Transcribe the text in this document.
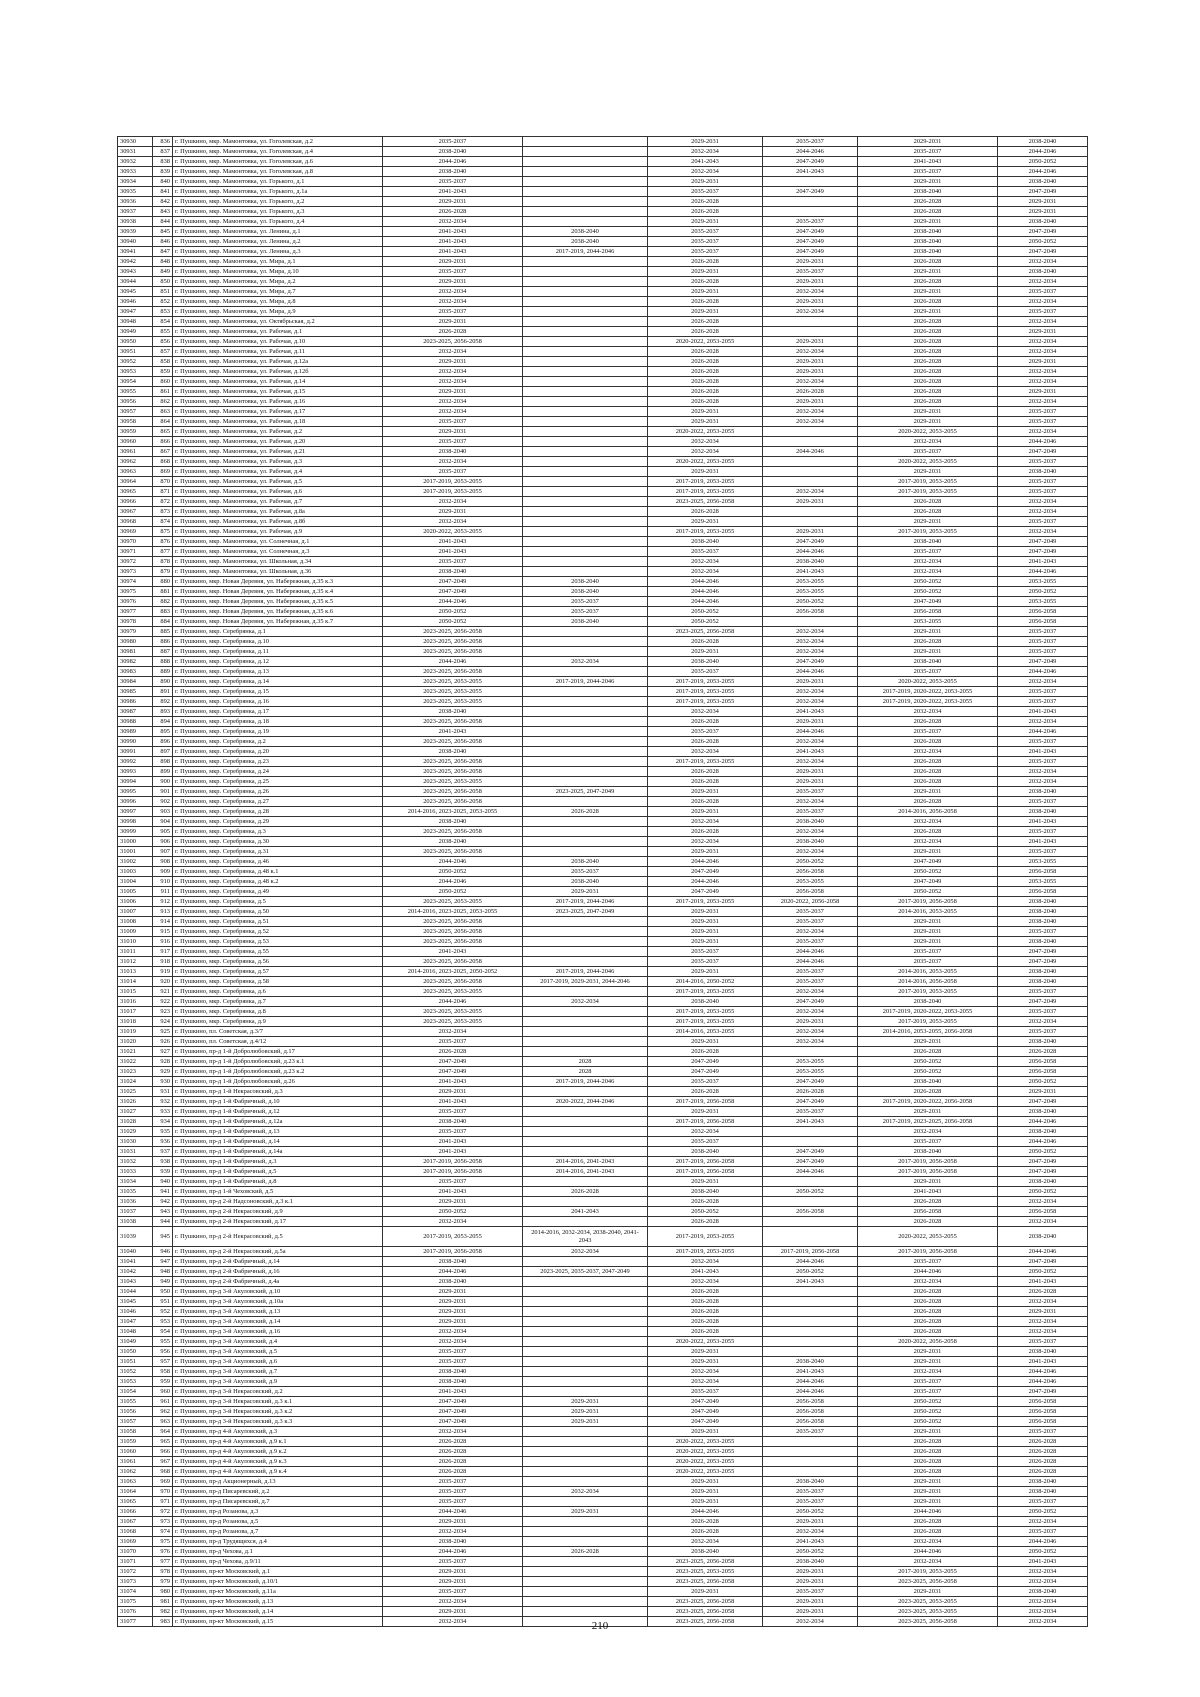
30930	836	г. Пушкино, мкр. Мамонтовка, ул. Гоголевская, д.2	2035-2037		2029-2031	2035-2037	2029-2031	2038-2040
30931	837	г. Пушкино, мкр. Мамонтовка, ул. Гоголевская, д.4	2038-2040		2032-2034	2044-2046	2035-2037	2044-2046
30932	838	г. Пушкино, мкр. Мамонтовка, ул. Гоголевская, д.6	2044-2046		2041-2043	2047-2049	2041-2043	2050-2052
30933	839	г. Пушкино, мкр. Мамонтовка, ул. Гоголевская, д.8	2038-2040		2032-2034	2041-2043	2035-2037	2044-2046
30934	840	г. Пушкино, мкр. Мамонтовка, ул. Горького, д.1	2035-2037		2029-2031		2029-2031	2038-2040
30935	841	г. Пушкино, мкр. Мамонтовка, ул. Горького, д.1а	2041-2043		2035-2037	2047-2049	2038-2040	2047-2049
30936	842	г. Пушкино, мкр. Мамонтовка, ул. Горького, д.2	2029-2031		2026-2028		2026-2028	2029-2031
30937	843	г. Пушкино, мкр. Мамонтовка, ул. Горького, д.3	2026-2028		2026-2028		2026-2028	2029-2031
30938	844	г. Пушкино, мкр. Мамонтовка, ул. Горького, д.4	2032-2034		2029-2031	2035-2037	2029-2031	2038-2040
30939	845	г. Пушкино, мкр. Мамонтовка, ул. Ленина, д.1	2041-2043	2038-2040	2035-2037	2047-2049	2038-2040	2047-2049
30940	846	г. Пушкино, мкр. Мамонтовка, ул. Ленина, д.2	2041-2043	2038-2040	2035-2037	2047-2049	2038-2040	2050-2052
30941	847	г. Пушкино, мкр. Мамонтовка, ул. Ленина, д.3	2041-2043	2017-2019, 2044-2046	2035-2037	2047-2049	2038-2040	2047-2049
30942	848	г. Пушкино, мкр. Мамонтовка, ул. Мира, д.1	2029-2031		2026-2028	2029-2031	2026-2028	2032-2034
30943	849	г. Пушкино, мкр. Мамонтовка, ул. Мира, д.10	2035-2037		2029-2031	2035-2037	2029-2031	2038-2040
30944	850	г. Пушкино, мкр. Мамонтовка, ул. Мира, д.2	2029-2031		2026-2028	2029-2031	2026-2028	2032-2034
30945	851	г. Пушкино, мкр. Мамонтовка, ул. Мира, д.7	2032-2034		2029-2031	2032-2034	2029-2031	2035-2037
30946	852	г. Пушкино, мкр. Мамонтовка, ул. Мира, д.8	2032-2034		2026-2028	2029-2031	2026-2028	2032-2034
30947	853	г. Пушкино, мкр. Мамонтовка, ул. Мира, д.9	2035-2037		2029-2031	2032-2034	2029-2031	2035-2037
30948	854	г. Пушкино, мкр. Мамонтовка, ул. Октябрьская, д.2	2029-2031		2026-2028		2026-2028	2032-2034
30949	855	г. Пушкино, мкр. Мамонтовка, ул. Рабочая, д.1	2026-2028		2026-2028		2026-2028	2029-2031
30950	856	г. Пушкино, мкр. Мамонтовка, ул. Рабочая, д.10	2023-2025, 2056-2058		2020-2022, 2053-2055	2029-2031	2026-2028	2032-2034
30951	857	г. Пушкино, мкр. Мамонтовка, ул. Рабочая, д.11	2032-2034		2026-2028	2032-2034	2026-2028	2032-2034
30952	858	г. Пушкино, мкр. Мамонтовка, ул. Рабочая, д.12а	2029-2031		2026-2028	2029-2031	2026-2028	2029-2031
30953	859	г. Пушкино, мкр. Мамонтовка, ул. Рабочая, д.12б	2032-2034		2026-2028	2029-2031	2026-2028	2032-2034
30954	860	г. Пушкино, мкр. Мамонтовка, ул. Рабочая, д.14	2032-2034		2026-2028	2032-2034	2026-2028	2032-2034
30955	861	г. Пушкино, мкр. Мамонтовка, ул. Рабочая, д.15	2029-2031		2026-2028	2026-2028	2026-2028	2029-2031
30956	862	г. Пушкино, мкр. Мамонтовка, ул. Рабочая, д.16	2032-2034		2026-2028	2029-2031	2026-2028	2032-2034
30957	863	г. Пушкино, мкр. Мамонтовка, ул. Рабочая, д.17	2032-2034		2029-2031	2032-2034	2029-2031	2035-2037
30958	864	г. Пушкино, мкр. Мамонтовка, ул. Рабочая, д.18	2035-2037		2029-2031	2032-2034	2029-2031	2035-2037
30959	865	г. Пушкино, мкр. Мамонтовка, ул. Рабочая, д.2	2029-2031		2020-2022, 2053-2055		2020-2022, 2053-2055	2032-2034
30960	866	г. Пушкино, мкр. Мамонтовка, ул. Рабочая, д.20	2035-2037		2032-2034		2032-2034	2044-2046
30961	867	г. Пушкино, мкр. Мамонтовка, ул. Рабочая, д.21	2038-2040		2032-2034	2044-2046	2035-2037	2047-2049
30962	868	г. Пушкино, мкр. Мамонтовка, ул. Рабочая, д.3	2032-2034		2020-2022, 2053-2055		2020-2022, 2053-2055	2035-2037
30963	869	г. Пушкино, мкр. Мамонтовка, ул. Рабочая, д.4	2035-2037		2029-2031		2029-2031	2038-2040
30964	870	г. Пушкино, мкр. Мамонтовка, ул. Рабочая, д.5	2017-2019, 2053-2055		2017-2019, 2053-2055		2017-2019, 2053-2055	2035-2037
30965	871	г. Пушкино, мкр. Мамонтовка, ул. Рабочая, д.6	2017-2019, 2053-2055		2017-2019, 2053-2055	2032-2034	2017-2019, 2053-2055	2035-2037
30966	872	г. Пушкино, мкр. Мамонтовка, ул. Рабочая, д.7	2032-2034		2023-2025, 2056-2058	2029-2031	2026-2028	2032-2034
30967	873	г. Пушкино, мкр. Мамонтовка, ул. Рабочая, д.8а	2029-2031		2026-2028		2026-2028	2032-2034
30968	874	г. Пушкино, мкр. Мамонтовка, ул. Рабочая, д.8б	2032-2034		2029-2031		2029-2031	2035-2037
30969	875	г. Пушкино, мкр. Мамонтовка, ул. Рабочая, д.9	2020-2022, 2053-2055		2017-2019, 2053-2055	2029-2031	2017-2019, 2053-2055	2032-2034
30970	876	г. Пушкино, мкр. Мамонтовка, ул. Солнечная, д.1	2041-2043		2038-2040	2047-2049	2038-2040	2047-2049
30971	877	г. Пушкино, мкр. Мамонтовка, ул. Солнечная, д.3	2041-2043		2035-2037	2044-2046	2035-2037	2047-2049
30972	878	г. Пушкино, мкр. Мамонтовка, ул. Школьная, д.34	2035-2037		2032-2034	2038-2040	2032-2034	2041-2043
30973	879	г. Пушкино, мкр. Мамонтовка, ул. Школьная, д.36	2038-2040		2032-2034	2041-2043	2032-2034	2044-2046
30974	880	г. Пушкино, мкр. Новая Деревня, ул. Набережная, д.35 к.3	2047-2049	2038-2040	2044-2046	2053-2055	2050-2052	2053-2055
30975	881	г. Пушкино, мкр. Новая Деревня, ул. Набережная, д.35 к.4	2047-2049	2038-2040	2044-2046	2053-2055	2050-2052	2050-2052
30976	882	г. Пушкино, мкр. Новая Деревня, ул. Набережная, д.35 к.5	2044-2046	2035-2037	2044-2046	2050-2052	2047-2049	2053-2055
30977	883	г. Пушкино, мкр. Новая Деревня, ул. Набережная, д.35 к.6	2050-2052	2035-2037	2050-2052	2056-2058	2056-2058	2056-2058
30978	884	г. Пушкино, мкр. Новая Деревня, ул. Набережная, д.35 к.7	2050-2052	2038-2040	2050-2052		2053-2055	2056-2058
30979	885	г. Пушкино, мкр. Серебрянка, д.1	2023-2025, 2056-2058		2023-2025, 2056-2058	2032-2034	2029-2031	2035-2037
30980	886	г. Пушкино, мкр. Серебрянка, д.10	2023-2025, 2056-2058		2026-2028	2032-2034	2026-2028	2035-2037
30981	887	г. Пушкино, мкр. Серебрянка, д.11	2023-2025, 2056-2058		2029-2031	2032-2034	2029-2031	2035-2037
30982	888	г. Пушкино, мкр. Серебрянка, д.12	2044-2046	2032-2034	2038-2040	2047-2049	2038-2040	2047-2049
30983	889	г. Пушкино, мкр. Серебрянка, д.13	2023-2025, 2056-2058		2035-2037	2044-2046	2035-2037	2044-2046
30984	890	г. Пушкино, мкр. Серебрянка, д.14	2023-2025, 2053-2055	2017-2019, 2044-2046	2017-2019, 2053-2055	2029-2031	2020-2022, 2053-2055	2032-2034
30985	891	г. Пушкино, мкр. Серебрянка, д.15	2023-2025, 2053-2055		2017-2019, 2053-2055	2032-2034	2017-2019, 2020-2022, 2053-2055	2035-2037
30986	892	г. Пушкино, мкр. Серебрянка, д.16	2023-2025, 2053-2055		2017-2019, 2053-2055	2032-2034	2017-2019, 2020-2022, 2053-2055	2035-2037
30987	893	г. Пушкино, мкр. Серебрянка, д.17	2038-2040		2032-2034	2041-2043	2032-2034	2041-2043
30988	894	г. Пушкино, мкр. Серебрянка, д.18	2023-2025, 2056-2058		2026-2028	2029-2031	2026-2028	2032-2034
30989	895	г. Пушкино, мкр. Серебрянка, д.19	2041-2043		2035-2037	2044-2046	2035-2037	2044-2046
30990	896	г. Пушкино, мкр. Серебрянка, д.2	2023-2025, 2056-2058		2026-2028	2032-2034	2026-2028	2035-2037
30991	897	г. Пушкино, мкр. Серебрянка, д.20	2038-2040		2032-2034	2041-2043	2032-2034	2041-2043
30992	898	г. Пушкино, мкр. Серебрянка, д.23	2023-2025, 2056-2058		2017-2019, 2053-2055	2032-2034	2026-2028	2035-2037
30993	899	г. Пушкино, мкр. Серебрянка, д.24	2023-2025, 2056-2058		2026-2028	2029-2031	2026-2028	2032-2034
30994	900	г. Пушкино, мкр. Серебрянка, д.25	2023-2025, 2053-2055		2026-2028	2029-2031	2026-2028	2032-2034
30995	901	г. Пушкино, мкр. Серебрянка, д.26	2023-2025, 2056-2058	2023-2025, 2047-2049	2029-2031	2035-2037	2029-2031	2038-2040
30996	902	г. Пушкино, мкр. Серебрянка, д.27	2023-2025, 2056-2058		2026-2028	2032-2034	2026-2028	2035-2037
30997	903	г. Пушкино, мкр. Серебрянка, д.28	2014-2016, 2023-2025, 2053-2055	2026-2028	2029-2031	2035-2037	2014-2016, 2056-2058	2038-2040
30998	904	г. Пушкино, мкр. Серебрянка, д.29	2038-2040		2032-2034	2038-2040	2032-2034	2041-2043
30999	905	г. Пушкино, мкр. Серебрянка, д.3	2023-2025, 2056-2058		2026-2028	2032-2034	2026-2028	2035-2037
31000	906	г. Пушкино, мкр. Серебрянка, д.30	2038-2040		2032-2034	2038-2040	2032-2034	2041-2043
31001	907	г. Пушкино, мкр. Серебрянка, д.31	2023-2025, 2056-2058		2029-2031	2032-2034	2029-2031	2035-2037
31002	908	г. Пушкино, мкр. Серебрянка, д.46	2044-2046	2038-2040	2044-2046	2050-2052	2047-2049	2053-2055
31003	909	г. Пушкино, мкр. Серебрянка, д.48 к.1	2050-2052	2035-2037	2047-2049	2056-2058	2050-2052	2056-2058
31004	910	г. Пушкино, мкр. Серебрянка, д.48 к.2	2044-2046	2038-2040	2044-2046	2053-2055	2047-2049	2053-2055
31005	911	г. Пушкино, мкр. Серебрянка, д.49	2050-2052	2029-2031	2047-2049	2056-2058	2050-2052	2056-2058
31006	912	г. Пушкино, мкр. Серебрянка, д.5	2023-2025, 2053-2055	2017-2019, 2044-2046	2017-2019, 2053-2055	2020-2022, 2056-2058	2017-2019, 2056-2058	2038-2040
31007	913	г. Пушкино, мкр. Серебрянка, д.50	2014-2016, 2023-2025, 2053-2055	2023-2025, 2047-2049	2029-2031	2035-2037	2014-2016, 2053-2055	2038-2040
31008	914	г. Пушкино, мкр. Серебрянка, д.51	2023-2025, 2056-2058		2029-2031	2035-2037	2029-2031	2038-2040
31009	915	г. Пушкино, мкр. Серебрянка, д.52	2023-2025, 2056-2058		2029-2031	2032-2034	2029-2031	2035-2037
31010	916	г. Пушкино, мкр. Серебрянка, д.53	2023-2025, 2056-2058		2029-2031	2035-2037	2029-2031	2038-2040
31011	917	г. Пушкино, мкр. Серебрянка, д.55	2041-2043		2035-2037	2044-2046	2035-2037	2047-2049
31012	918	г. Пушкино, мкр. Серебрянка, д.56	2023-2025, 2056-2058		2035-2037	2044-2046	2035-2037	2047-2049
31013	919	г. Пушкино, мкр. Серебрянка, д.57	2014-2016, 2023-2025, 2050-2052	2017-2019, 2044-2046	2029-2031	2035-2037	2014-2016, 2053-2055	2038-2040
31014	920	г. Пушкино, мкр. Серебрянка, д.58	2023-2025, 2056-2058	2017-2019, 2029-2031, 2044-2046	2014-2016, 2050-2052	2035-2037	2014-2016, 2056-2058	2038-2040
31015	921	г. Пушкино, мкр. Серебрянка, д.6	2023-2025, 2053-2055		2017-2019, 2053-2055	2032-2034	2017-2019, 2053-2055	2035-2037
31016	922	г. Пушкино, мкр. Серебрянка, д.7	2044-2046	2032-2034	2038-2040	2047-2049	2038-2040	2047-2049
31017	923	г. Пушкино, мкр. Серебрянка, д.8	2023-2025, 2053-2055		2017-2019, 2053-2055	2032-2034	2017-2019, 2020-2022, 2053-2055	2035-2037
31018	924	г. Пушкино, мкр. Серебрянка, д.9	2023-2025, 2053-2055		2017-2019, 2053-2055	2029-2031	2017-2019, 2053-2055	2032-2034
31019	925	г. Пушкино, пл. Советская, д.3/7	2032-2034		2014-2016, 2053-2055	2032-2034	2014-2016, 2053-2055, 2056-2058	2035-2037
31020	926	г. Пушкино, пл. Советская, д.4/12	2035-2037		2029-2031	2032-2034	2029-2031	2038-2040
31021	927	г. Пушкино, пр-д 1-й Добролюбовский, д.17	2026-2028		2026-2028		2026-2028	2026-2028
31022	928	г. Пушкино, пр-д 1-й Добролюбовский, д.23 к.1	2047-2049	2028	2047-2049	2053-2055	2050-2052	2056-2058
31023	929	г. Пушкино, пр-д 1-й Добролюбовский, д.23 к.2	2047-2049	2028	2047-2049	2053-2055	2050-2052	2056-2058
31024	930	г. Пушкино, пр-д 1-й Добролюбовский, д.26	2041-2043	2017-2019, 2044-2046	2035-2037	2047-2049	2038-2040	2050-2052
31025	931	г. Пушкино, пр-д 1-й Некрасовский, д.3	2029-2031		2026-2028	2026-2028	2026-2028	2029-2031
31026	932	г. Пушкино, пр-д 1-й Фабричный, д.10	2041-2043	2020-2022, 2044-2046	2017-2019, 2056-2058	2047-2049	2017-2019, 2020-2022, 2056-2058	2047-2049
31027	933	г. Пушкино, пр-д 1-й Фабричный, д.12	2035-2037		2029-2031	2035-2037	2029-2031	2038-2040
31028	934	г. Пушкино, пр-д 1-й Фабричный, д.12а	2038-2040		2017-2019, 2056-2058	2041-2043	2017-2019, 2023-2025, 2056-2058	2044-2046
31029	935	г. Пушкино, пр-д 1-й Фабричный, д.13	2035-2037		2032-2034		2032-2034	2038-2040
31030	936	г. Пушкино, пр-д 1-й Фабричный, д.14	2041-2043		2035-2037		2035-2037	2044-2046
31031	937	г. Пушкино, пр-д 1-й Фабричный, д.14а	2041-2043		2038-2040	2047-2049	2038-2040	2050-2052
31032	938	г. Пушкино, пр-д 1-й Фабричный, д.3	2017-2019, 2056-2058	2014-2016, 2041-2043	2017-2019, 2056-2058	2047-2049	2017-2019, 2056-2058	2047-2049
31033	939	г. Пушкино, пр-д 1-й Фабричный, д.5	2017-2019, 2056-2058	2014-2016, 2041-2043	2017-2019, 2056-2058	2044-2046	2017-2019, 2056-2058	2047-2049
31034	940	г. Пушкино, пр-д 1-й Фабричный, д.8	2035-2037		2029-2031		2029-2031	2038-2040
31035	941	г. Пушкино, пр-д 1-й Чеховский, д.5	2041-2043	2026-2028	2038-2040	2050-2052	2041-2043	2050-2052
31036	942	г. Пушкино, пр-д 2-й Надсоновский, д.3 к.1	2029-2031		2026-2028		2026-2028	2032-2034
31037	943	г. Пушкино, пр-д 2-й Некрасовский, д.9	2050-2052	2041-2043	2050-2052	2056-2058	2056-2058	2056-2058
31038	944	г. Пушкино, пр-д 2-й Некрасовский, д.17	2032-2034		2026-2028		2026-2028	2032-2034
31039	945	г. Пушкино, пр-д 2-й Некрасовский, д.5	2017-2019, 2053-2055	2014-2016, 2032-2034, 2038-2040, 2041-2043	2017-2019, 2053-2055		2020-2022, 2053-2055	2038-2040
31040	946	г. Пушкино, пр-д 2-й Некрасовский, д.5а	2017-2019, 2056-2058	2032-2034	2017-2019, 2053-2055	2017-2019, 2056-2058	2017-2019, 2056-2058	2044-2046
31041	947	г. Пушкино, пр-д 2-й Фабричный, д.14	2038-2040		2032-2034	2044-2046	2035-2037	2047-2049
31042	948	г. Пушкино, пр-д 2-й Фабричный, д.16	2044-2046	2023-2025, 2035-2037, 2047-2049	2041-2043	2050-2052	2044-2046	2050-2052
31043	949	г. Пушкино, пр-д 2-й Фабричный, д.4а	2038-2040		2032-2034	2041-2043	2032-2034	2041-2043
31044	950	г. Пушкино, пр-д 3-й Акуловский, д.10	2029-2031		2026-2028		2026-2028	2026-2028
31045	951	г. Пушкино, пр-д 3-й Акуловский, д.10а	2029-2031		2026-2028		2026-2028	2032-2034
31046	952	г. Пушкино, пр-д 3-й Акуловский, д.13	2029-2031		2026-2028		2026-2028	2029-2031
31047	953	г. Пушкино, пр-д 3-й Акуловский, д.14	2029-2031		2026-2028		2026-2028	2032-2034
31048	954	г. Пушкино, пр-д 3-й Акуловский, д.16	2032-2034		2026-2028		2026-2028	2032-2034
31049	955	г. Пушкино, пр-д 3-й Акуловский, д.4	2032-2034		2020-2022, 2053-2055		2020-2022, 2056-2058	2035-2037
31050	956	г. Пушкино, пр-д 3-й Акуловский, д.5	2035-2037		2029-2031		2029-2031	2038-2040
31051	957	г. Пушкино, пр-д 3-й Акуловский, д.6	2035-2037		2029-2031	2038-2040	2029-2031	2041-2043
31052	958	г. Пушкино, пр-д 3-й Акуловский, д.7	2038-2040		2032-2034	2041-2043	2032-2034	2044-2046
31053	959	г. Пушкино, пр-д 3-й Акуловский, д.9	2038-2040		2032-2034	2044-2046	2035-2037	2044-2046
31054	960	г. Пушкино, пр-д 3-й Некрасовский, д.2	2041-2043		2035-2037	2044-2046	2035-2037	2047-2049
31055	961	г. Пушкино, пр-д 3-й Некрасовский, д.3 к.1	2047-2049	2029-2031	2047-2049	2056-2058	2050-2052	2056-2058
31056	962	г. Пушкино, пр-д 3-й Некрасовский, д.3 к.2	2047-2049	2029-2031	2047-2049	2056-2058	2050-2052	2056-2058
31057	963	г. Пушкино, пр-д 3-й Некрасовский, д.3 к.3	2047-2049	2029-2031	2047-2049	2056-2058	2050-2052	2056-2058
31058	964	г. Пушкино, пр-д 4-й Акуловский, д.3	2032-2034		2029-2031	2035-2037	2029-2031	2035-2037
31059	965	г. Пушкино, пр-д 4-й Акуловский, д.9 к.1	2026-2028		2020-2022, 2053-2055		2026-2028	2026-2028
31060	966	г. Пушкино, пр-д 4-й Акуловский, д.9 к.2	2026-2028		2020-2022, 2053-2055		2026-2028	2026-2028
31061	967	г. Пушкино, пр-д 4-й Акуловский, д.9 к.3	2026-2028		2020-2022, 2053-2055		2026-2028	2026-2028
31062	968	г. Пушкино, пр-д 4-й Акуловский, д.9 к.4	2026-2028		2020-2022, 2053-2055		2026-2028	2026-2028
31063	969	г. Пушкино, пр-д Акционерный, д.13	2035-2037		2029-2031	2038-2040	2029-2031	2038-2040
31064	970	г. Пушкино, пр-д Писаревский, д.2	2035-2037	2032-2034	2029-2031	2035-2037	2029-2031	2038-2040
31065	971	г. Пушкино, пр-д Писаревский, д.7	2035-2037		2029-2031	2035-2037	2029-2031	2035-2037
31066	972	г. Пушкино, пр-д Розанова, д.3	2044-2046	2029-2031	2044-2046	2050-2052	2044-2046	2050-2052
31067	973	г. Пушкино, пр-д Розанова, д.5	2029-2031		2026-2028	2029-2031	2026-2028	2032-2034
31068	974	г. Пушкино, пр-д Розанова, д.7	2032-2034		2026-2028	2032-2034	2026-2028	2035-2037
31069	975	г. Пушкино, пр-д Трудящихся, д.4	2038-2040		2032-2034	2041-2043	2032-2034	2044-2046
31070	976	г. Пушкино, пр-д Чехова, д.1	2044-2046	2026-2028	2038-2040	2050-2052	2044-2046	2050-2052
31071	977	г. Пушкино, пр-д Чехова, д.9/11	2035-2037		2023-2025, 2056-2058	2038-2040	2032-2034	2041-2043
31072	978	г. Пушкино, пр-кт Московский, д.1	2029-2031		2023-2025, 2053-2055	2029-2031	2017-2019, 2053-2055	2032-2034
31073	979	г. Пушкино, пр-кт Московский, д.10/1	2029-2031		2023-2025, 2056-2058	2029-2031	2023-2025, 2056-2058	2032-2034
31074	980	г. Пушкино, пр-кт Московский, д.11а	2035-2037		2029-2031	2035-2037	2029-2031	2038-2040
31075	981	г. Пушкино, пр-кт Московский, д.13	2032-2034		2023-2025, 2056-2058	2029-2031	2023-2025, 2053-2055	2032-2034
31076	982	г. Пушкино, пр-кт Московский, д.14	2029-2031		2023-2025, 2056-2058	2029-2031	2023-2025, 2053-2055	2032-2034
31077	983	г. Пушкино, пр-кт Московский, д.15	2032-2034		2023-2025, 2056-2058	2032-2034	2023-2025, 2056-2058	2032-2034
210
